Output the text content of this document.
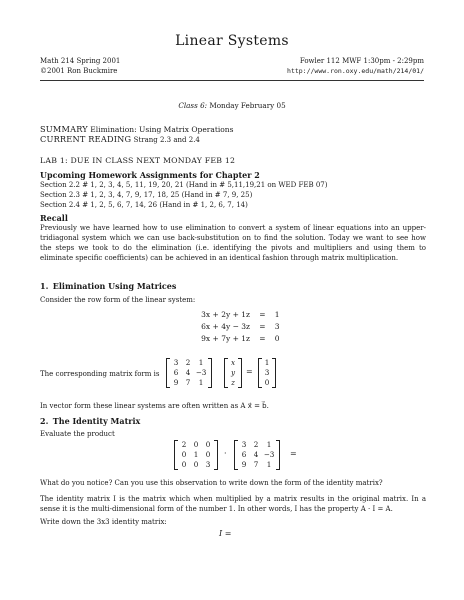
Linear Systems
Math 214 Spring 2001
©2001 Ron Buckmire
Fowler 112 MWF 1:30pm - 2:29pm
http://www.ron.oxy.edu/math/214/01/
Class 6: Monday February 05
SUMMARY Elimination: Using Matrix Operations
CURRENT READING Strang 2.3 and 2.4
LAB 1: DUE IN CLASS NEXT MONDAY FEB 12
Upcoming Homework Assignments for Chapter 2
Section 2.2 # 1, 2, 3, 4, 5, 11, 19, 20, 21 (Hand in # 5,11,19,21 on WED FEB 07)
Section 2.3 # 1, 2, 3, 4, 7, 9, 17, 18, 25 (Hand in # 7, 9, 25)
Section 2.4 # 1, 2, 5, 6, 7, 14, 26 (Hand in # 1, 2, 6, 7, 14)
Recall
Previously we have learned how to use elimination to convert a system of linear equations into an upper-tridiagonal system which we can use back-substitution on to find the solution. Today we want to see how the steps we took to do the elimination (i.e. identifying the pivots and multipliers and using them to eliminate specific coefficients) can be achieved in an identical fashion through matrix multiplication.
1. Elimination Using Matrices
Consider the row form of the linear system:
3x + 2y + 1z = 1
6x + 4y − 3z = 3
9x + 7y + 1z = 0
The corresponding matrix form is
3	2	1
6	4 −3
9	7	1
x
y
z
=
1
3
0
In vector form these linear systems are often written as A x⃗ = b⃗.
2. The Identity Matrix
Evaluate the product
2	0	0
0	1	0
0	0	3
·
3	2	1
6	4 −3
9	7	1
=
What do you notice? Can you use this observation to write down the form of the identity matrix?
The identity matrix I is the matrix which when multiplied by a matrix results in the original matrix. In a sense it is the multi-dimensional form of the number 1. In other words, I has the property A · I = A.
Write down the 3x3 identity matrix:
I =
